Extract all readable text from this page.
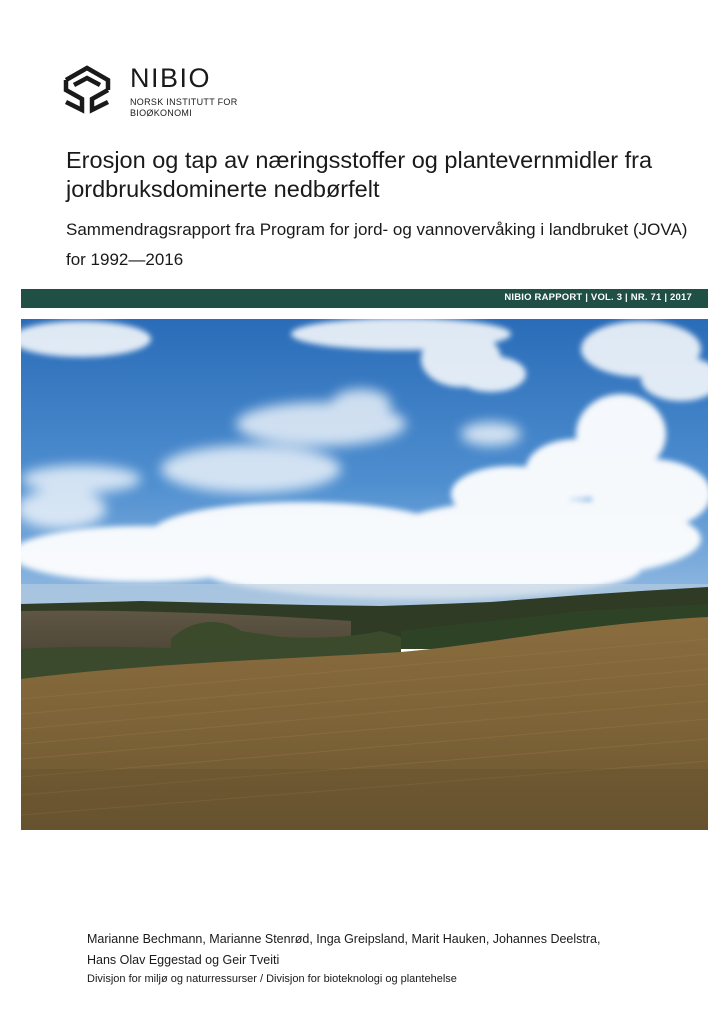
NIBIO
NORSK INSTITUTT FOR
BIOØKONOMI
Erosjon og tap av næringsstoffer og plantevernmidler fra jordbruksdominerte nedbørfelt

Sammendragsrapport fra Program for jord- og vannovervåking i landbruket (JOVA) for 1992—2016

NIBIO RAPPORT | VOL. 3 | NR. 71 | 2017
Marianne Bechmann, Marianne Stenrød, Inga Greipsland, Marit Hauken, Johannes Deelstra,
Hans Olav Eggestad og Geir Tveiti
Divisjon for miljø og naturressurser / Divisjon for bioteknologi og plantehelse
